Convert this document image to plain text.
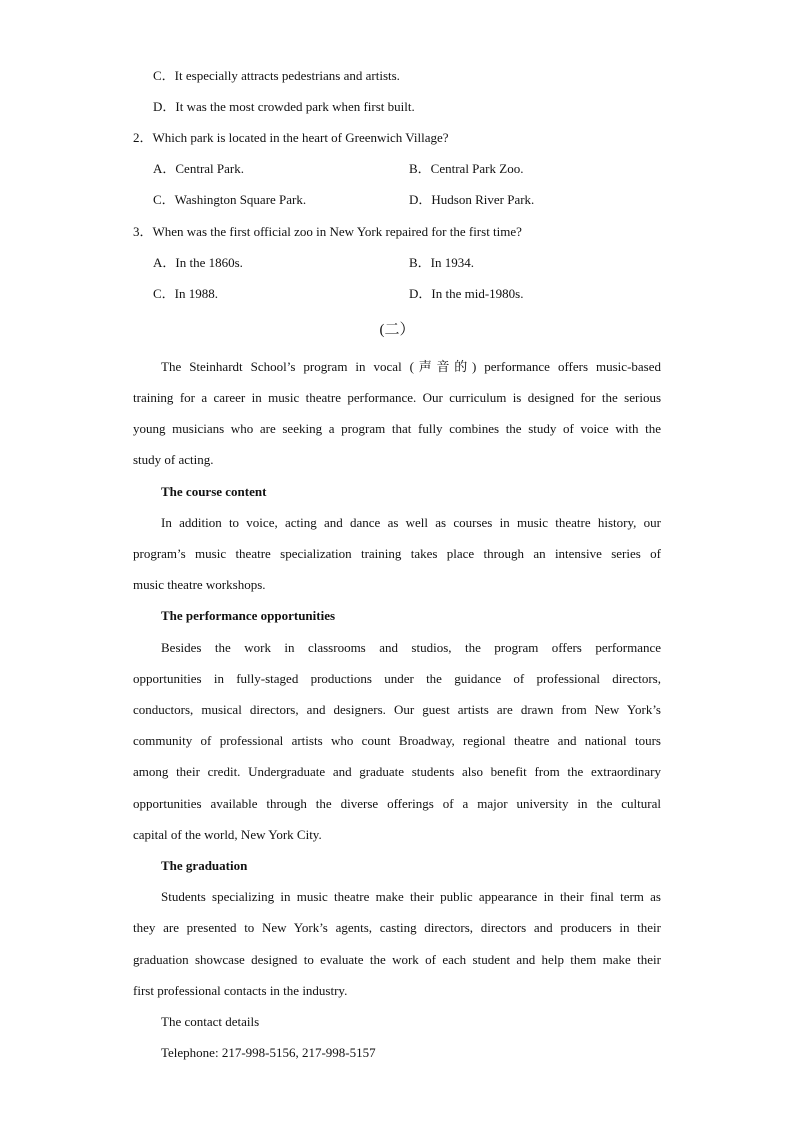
C．It especially attracts pedestrians and artists.
D．It was the most crowded park when first built.
2．Which park is located in the heart of Greenwich Village?
A．Central Park.	B．Central Park Zoo.
C．Washington Square Park.	D．Hudson River Park.
3．When was the first official zoo in New York repaired for the first time?
A．In the 1860s.	B．In 1934.
C．In 1988.	D．In the mid-1980s.
(二）
The Steinhardt School’s program in vocal (声音的) performance offers music-based
training for a career in music theatre performance. Our curriculum is designed for the serious
young musicians who are seeking a program that fully combines the study of voice with the
study of acting.
The course content
In addition to voice, acting and dance as well as courses in music theatre history, our
program’s music theatre specialization training takes place through an intensive series of
music theatre workshops.
The performance opportunities
Besides the work in classrooms and studios, the program offers performance
opportunities in fully-staged productions under the guidance of professional directors,
conductors, musical directors, and designers. Our guest artists are drawn from New York’s
community of professional artists who count Broadway, regional theatre and national tours
among their credit. Undergraduate and graduate students also benefit from the extraordinary
opportunities available through the diverse offerings of a major university in the cultural
capital of the world, New York City.
The graduation
Students specializing in music theatre make their public appearance in their final term as
they are presented to New York’s agents, casting directors, directors and producers in their
graduation showcase designed to evaluate the work of each student and help them make their
first professional contacts in the industry.
The contact details
Telephone: 217-998-5156, 217-998-5157
